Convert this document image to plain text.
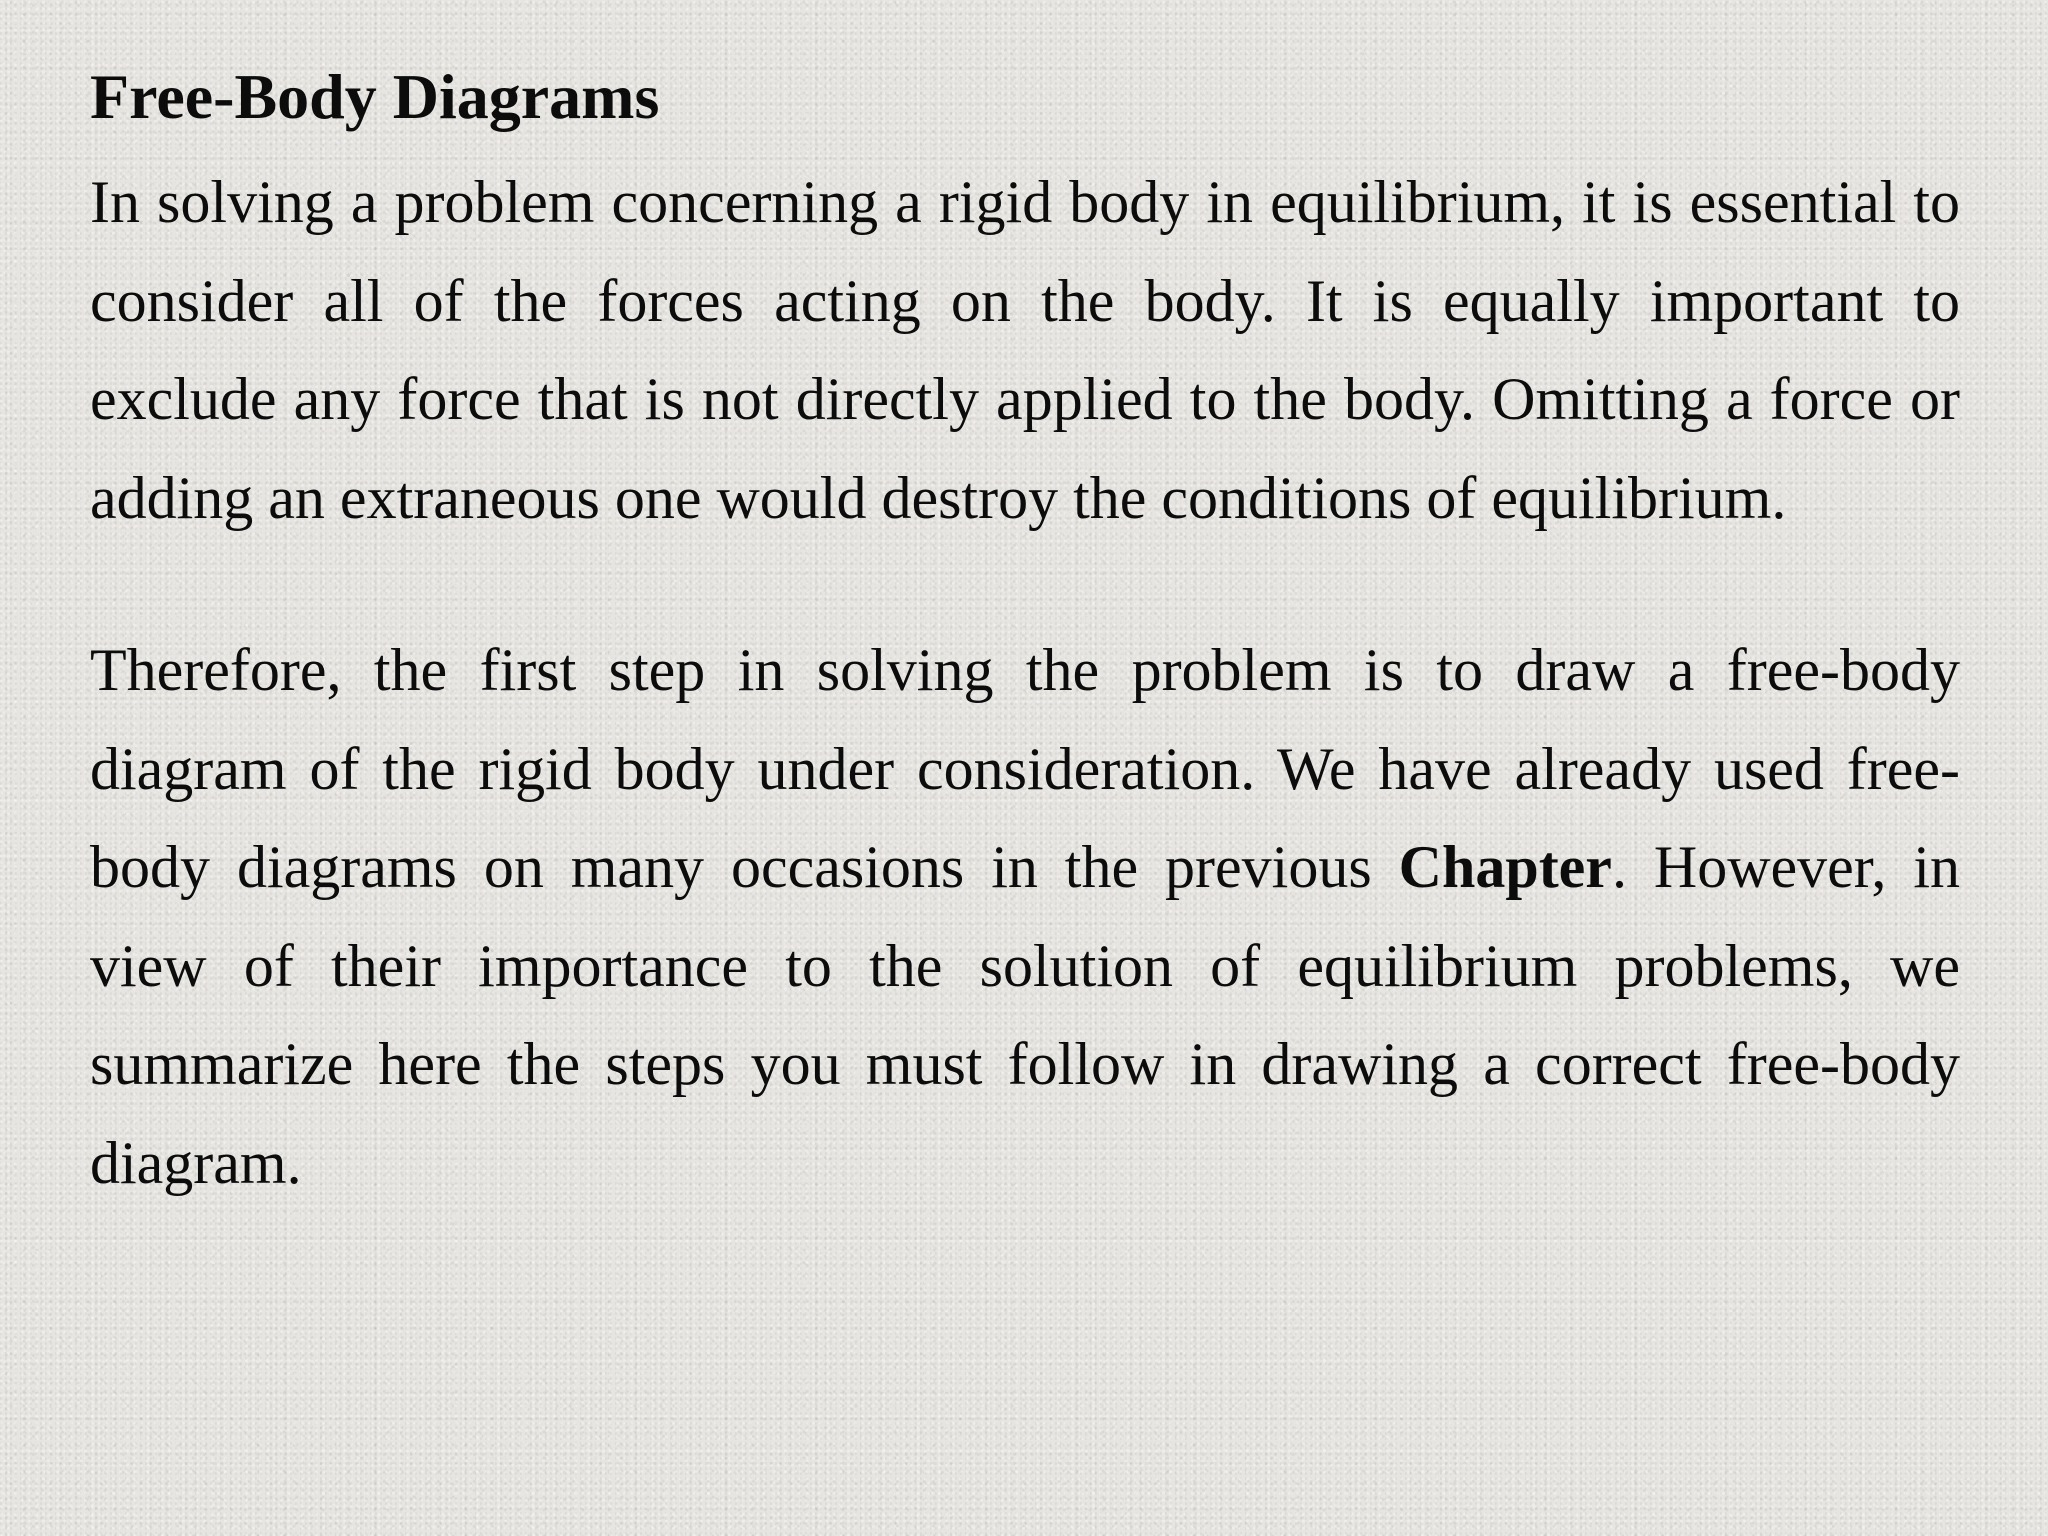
Free-Body Diagrams

In solving a problem concerning a rigid body in equilibrium, it is essential to consider all of the forces acting on the body. It is equally important to exclude any force that is not directly applied to the body. Omitting a force or adding an extraneous one would destroy the conditions of equilibrium.

Therefore, the first step in solving the problem is to draw a free-body diagram of the rigid body under consideration. We have already used free-body diagrams on many occasions in the previous Chapter. However, in view of their importance to the solution of equilibrium problems, we summarize here the steps you must follow in drawing a correct free-body diagram.
